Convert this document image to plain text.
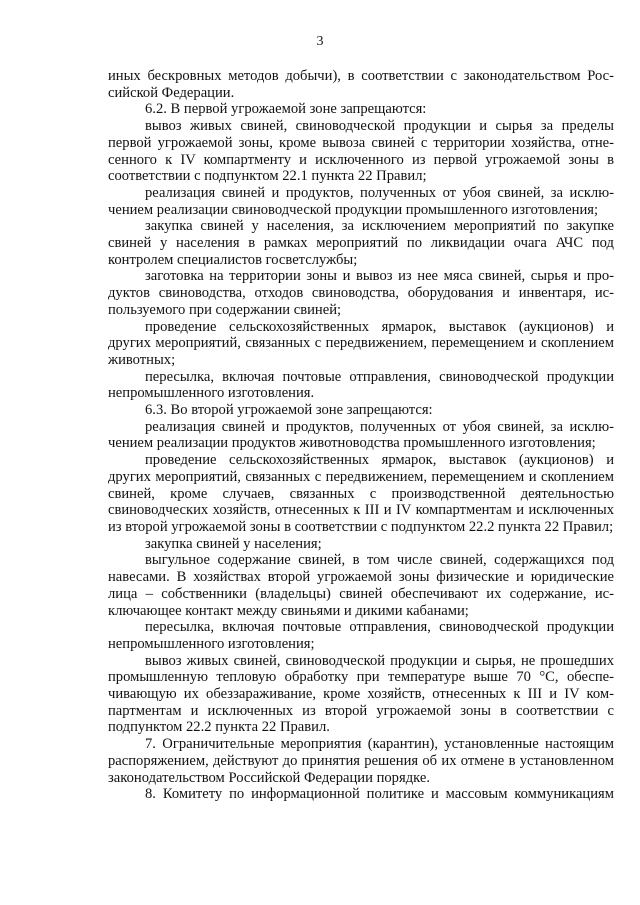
3

иных бескровных методов добычи), в соответствии с законодательством Российской Федерации.

6.2. В первой угрожаемой зоне запрещаются:

вывоз живых свиней, свиноводческой продукции и сырья за пределы первой угрожаемой зоны, кроме вывоза свиней с территории хозяйства, отнесенного к IV компартменту и исключенного из первой угрожаемой зоны в соответствии с подпунктом 22.1 пункта 22 Правил;

реализация свиней и продуктов, полученных от убоя свиней, за исключением реализации свиноводческой продукции промышленного изготовления;

закупка свиней у населения, за исключением мероприятий по закупке свиней у населения в рамках мероприятий по ликвидации очага АЧС под контролем специалистов госветслужбы;

заготовка на территории зоны и вывоз из нее мяса свиней, сырья и продуктов свиноводства, отходов свиноводства, оборудования и инвентаря, используемого при содержании свиней;

проведение сельскохозяйственных ярмарок, выставок (аукционов) и других мероприятий, связанных с передвижением, перемещением и скоплением животных;

пересылка, включая почтовые отправления, свиноводческой продукции непромышленного изготовления.

6.3. Во второй угрожаемой зоне запрещаются:

реализация свиней и продуктов, полученных от убоя свиней, за исключением реализации продуктов животноводства промышленного изготовления;

проведение сельскохозяйственных ярмарок, выставок (аукционов) и других мероприятий, связанных с передвижением, перемещением и скоплением свиней, кроме случаев, связанных с производственной деятельностью свиноводческих хозяйств, отнесенных к III и IV компартментам и исключенных из второй угрожаемой зоны в соответствии с подпунктом 22.2 пункта 22 Правил;

закупка свиней у населения;

выгульное содержание свиней, в том числе свиней, содержащихся под навесами. В хозяйствах второй угрожаемой зоны физические и юридические лица – собственники (владельцы) свиней обеспечивают их содержание, исключающее контакт между свиньями и дикими кабанами;

пересылка, включая почтовые отправления, свиноводческой продукции непромышленного изготовления;

вывоз живых свиней, свиноводческой продукции и сырья, не прошедших промышленную тепловую обработку при температуре выше 70 °С, обеспечивающую их обеззараживание, кроме хозяйств, отнесенных к III и IV компартментам и исключенных из второй угрожаемой зоны в соответствии с подпунктом 22.2 пункта 22 Правил.

7. Ограничительные мероприятия (карантин), установленные настоящим распоряжением, действуют до принятия решения об их отмене в установленном законодательством Российской Федерации порядке.

8. Комитету по информационной политике и массовым коммуникациям
